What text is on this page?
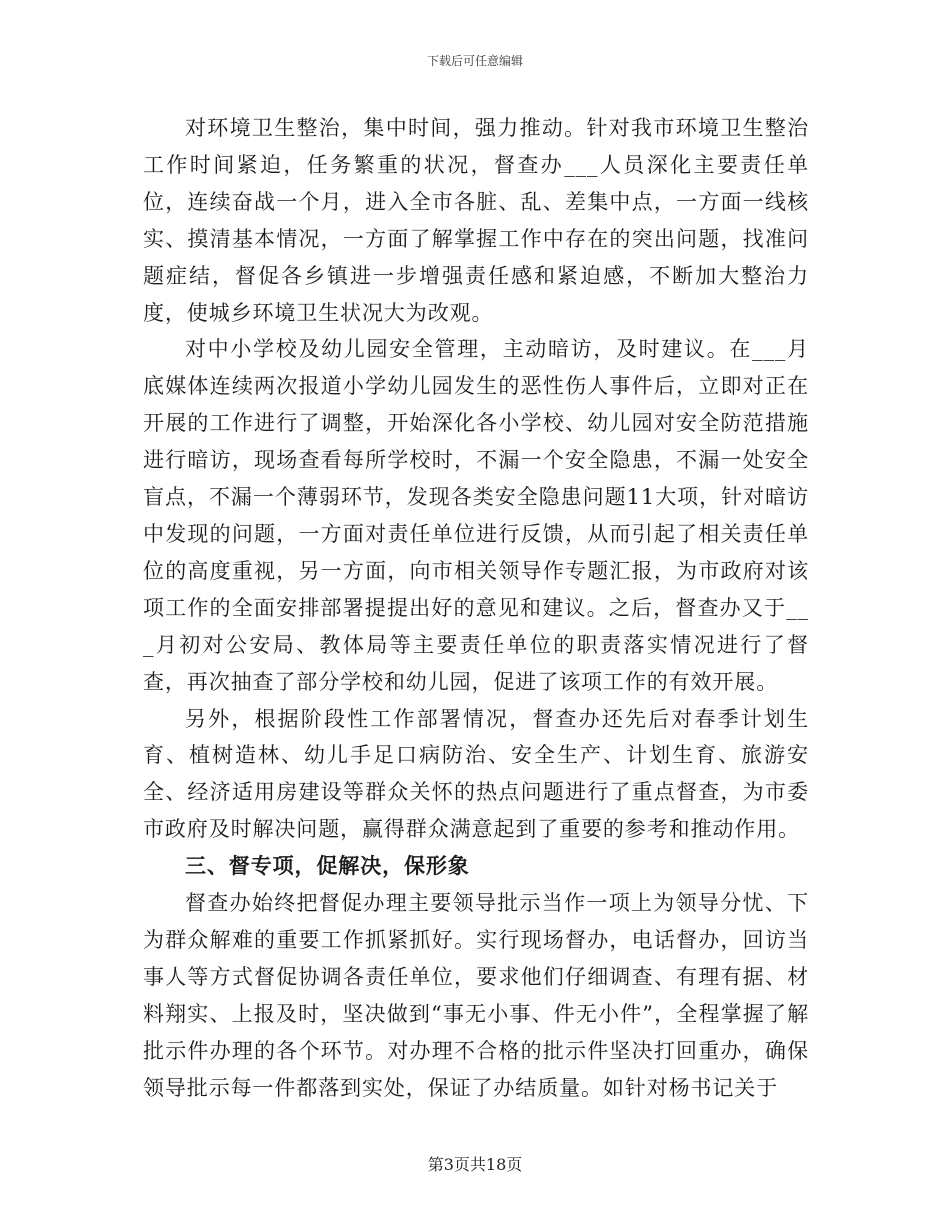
下载后可任意编辑

对环境卫生整治，集中时间，强力推动。针对我市环境卫生整治工作时间紧迫，任务繁重的状况，督查办___人员深化主要责任单位，连续奋战一个月，进入全市各脏、乱、差集中点，一方面一线核实、摸清基本情况，一方面了解掌握工作中存在的突出问题，找准问题症结，督促各乡镇进一步增强责任感和紧迫感，不断加大整治力度，使城乡环境卫生状况大为改观。

对中小学校及幼儿园安全管理，主动暗访，及时建议。在___月底媒体连续两次报道小学幼儿园发生的恶性伤人事件后，立即对正在开展的工作进行了调整，开始深化各小学校、幼儿园对安全防范措施进行暗访，现场查看每所学校时，不漏一个安全隐患，不漏一处安全盲点，不漏一个薄弱环节，发现各类安全隐患问题11大项，针对暗访中发现的问题，一方面对责任单位进行反馈，从而引起了相关责任单位的高度重视，另一方面，向市相关领导作专题汇报，为市政府对该项工作的全面安排部署提提出好的意见和建议。之后，督查办又于___月初对公安局、教体局等主要责任单位的职责落实情况进行了督查，再次抽查了部分学校和幼儿园，促进了该项工作的有效开展。

另外，根据阶段性工作部署情况，督查办还先后对春季计划生育、植树造林、幼儿手足口病防治、安全生产、计划生育、旅游安全、经济适用房建设等群众关怀的热点问题进行了重点督查，为市委市政府及时解决问题，赢得群众满意起到了重要的参考和推动作用。

三、督专项，促解决，保形象

督查办始终把督促办理主要领导批示当作一项上为领导分忧、下为群众解难的重要工作抓紧抓好。实行现场督办，电话督办，回访当事人等方式督促协调各责任单位，要求他们仔细调查、有理有据、材料翔实、上报及时，坚决做到“事无小事、件无小件”，全程掌握了解批示件办理的各个环节。对办理不合格的批示件坚决打回重办，确保领导批示每一件都落到实处，保证了办结质量。如针对杨书记关于

第3页共18页
